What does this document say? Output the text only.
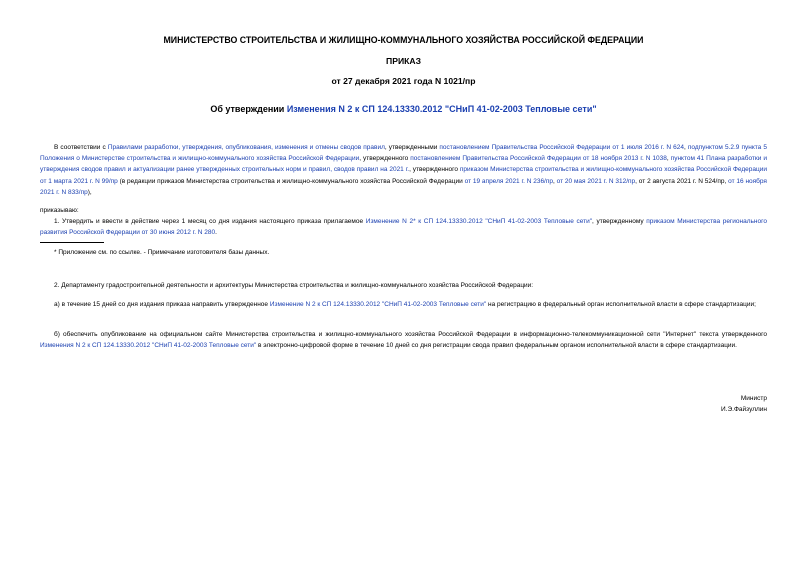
МИНИСТЕРСТВО СТРОИТЕЛЬСТВА И ЖИЛИЩНО-КОММУНАЛЬНОГО ХОЗЯЙСТВА РОССИЙСКОЙ ФЕДЕРАЦИИ
ПРИКАЗ
от 27 декабря 2021 года N 1021/пр
Об утверждении Изменения N 2 к СП 124.13330.2012 "СНиП 41-02-2003 Тепловые сети"
В соответствии с Правилами разработки, утверждения, опубликования, изменения и отмены сводов правил, утвержденными постановлением Правительства Российской Федерации от 1 июля 2016 г. N 624, подпунктом 5.2.9 пункта 5 Положения о Министерстве строительства и жилищно-коммунального хозяйства Российской Федерации, утвержденного постановлением Правительства Российской Федерации от 18 ноября 2013 г. N 1038, пунктом 41 Плана разработки и утверждения сводов правил и актуализации ранее утвержденных строительных норм и правил, сводов правил на 2021 г., утвержденного приказом Министерства строительства и жилищно-коммунального хозяйства Российской Федерации от 1 марта 2021 г. N 99/пр (в редакции приказов Министерства строительства и жилищно-коммунального хозяйства Российской Федерации от 19 апреля 2021 г. N 236/пр, от 20 мая 2021 г. N 312/пр, от 2 августа 2021 г. N 524/пр, от 16 ноября 2021 г. N 833/пр),
приказываю:
1. Утвердить и ввести в действие через 1 месяц со дня издания настоящего приказа прилагаемое Изменение N 2* к СП 124.13330.2012 "СНиП 41-02-2003 Тепловые сети", утвержденному приказом Министерства регионального развития Российской Федерации от 30 июня 2012 г. N 280.
* Приложение см. по ссылке. - Примечание изготовителя базы данных.
2. Департаменту градостроительной деятельности и архитектуры Министерства строительства и жилищно-коммунального хозяйства Российской Федерации:
а) в течение 15 дней со дня издания приказа направить утвержденное Изменение N 2 к СП 124.13330.2012 "СНиП 41-02-2003 Тепловые сети" на регистрацию в федеральный орган исполнительной власти в сфере стандартизации;
б) обеспечить опубликование на официальном сайте Министерства строительства и жилищно-коммунального хозяйства Российской Федерации в информационно-телекоммуникационной сети "Интернет" текста утвержденного Изменения N 2 к СП 124.13330.2012 "СНиП 41-02-2003 Тепловые сети" в электронно-цифровой форме в течение 10 дней со дня регистрации свода правил федеральным органом исполнительной власти в сфере стандартизации.
Министр
И.Э.Файзуллин
